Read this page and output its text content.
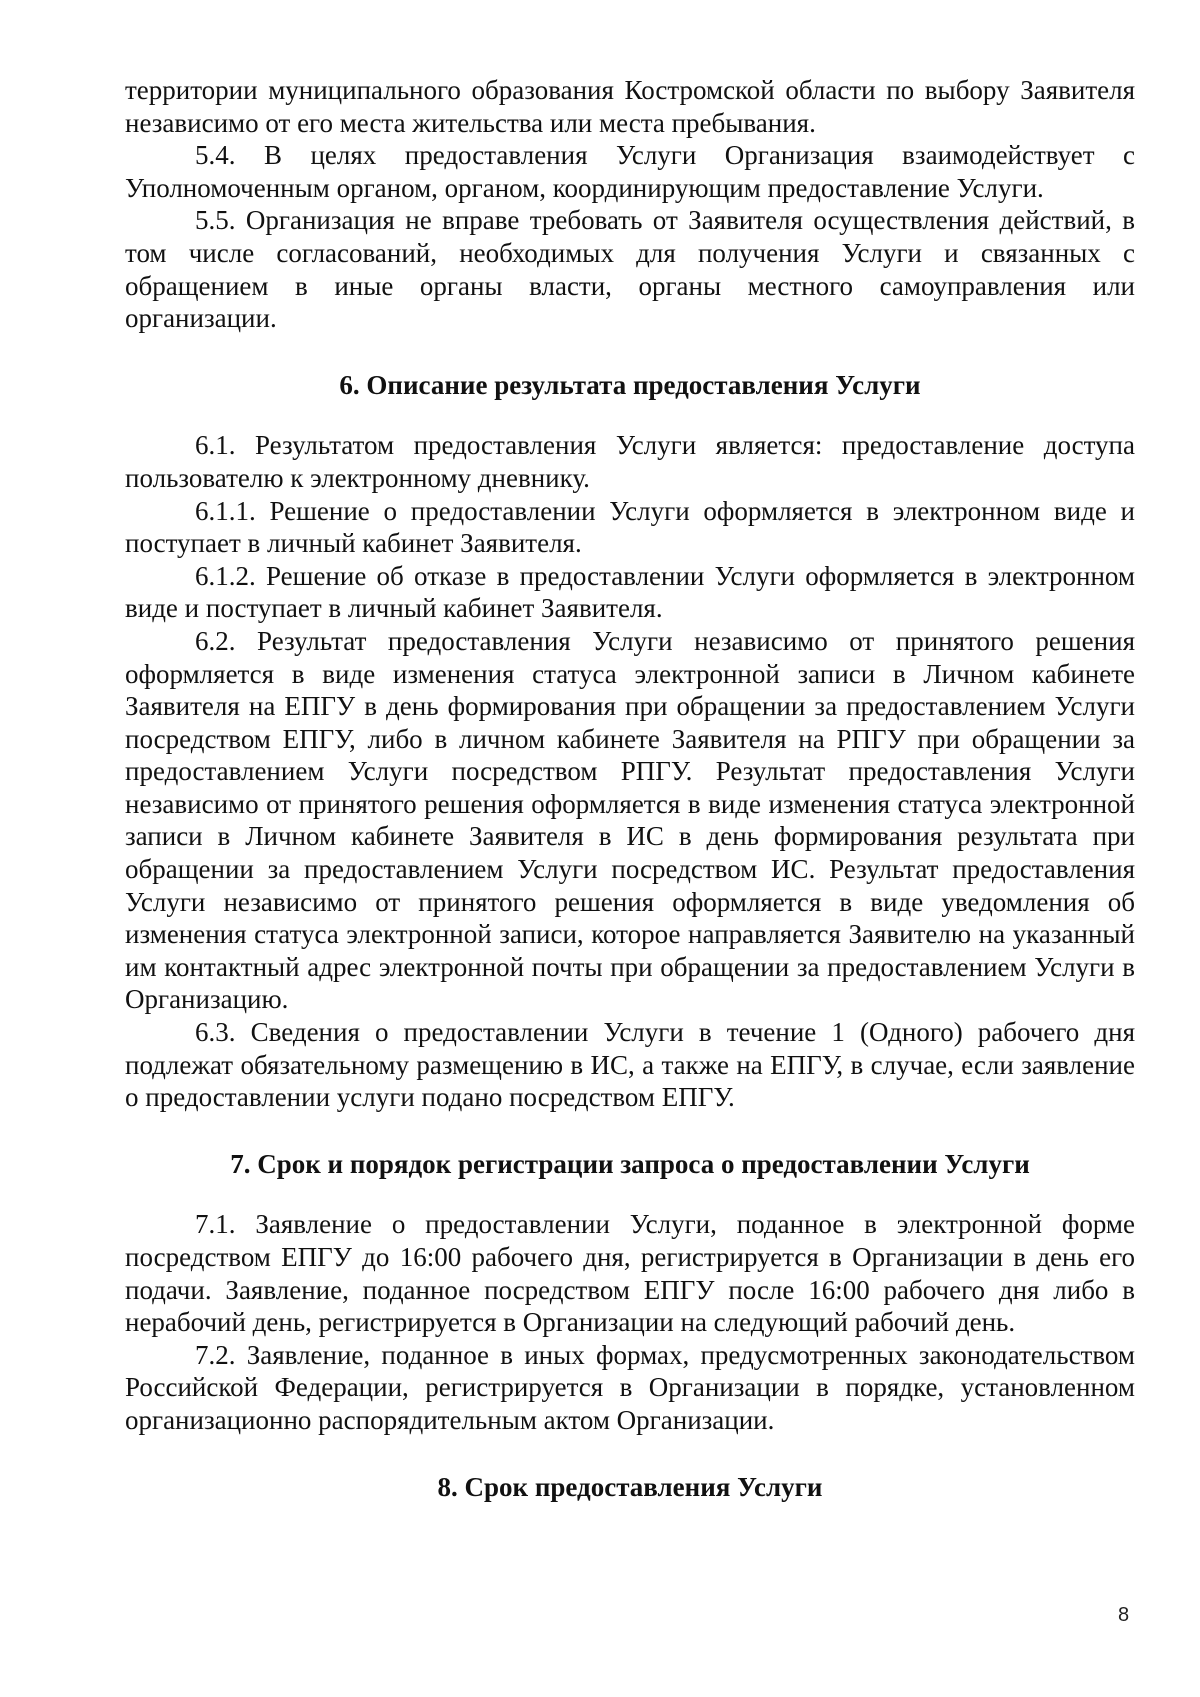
территории муниципального образования Костромской области по выбору Заявителя независимо от его места жительства или места пребывания.

5.4. В целях предоставления Услуги Организация взаимодействует с Уполномоченным органом, органом, координирующим предоставление Услуги.

5.5. Организация не вправе требовать от Заявителя осуществления действий, в том числе согласований, необходимых для получения Услуги и связанных с обращением в иные органы власти, органы местного самоуправления или организации.

6. Описание результата предоставления Услуги

6.1. Результатом предоставления Услуги является: предоставление доступа пользователю к электронному дневнику.

6.1.1. Решение о предоставлении Услуги оформляется в электронном виде и поступает в личный кабинет Заявителя.

6.1.2. Решение об отказе в предоставлении Услуги оформляется в электронном виде и поступает в личный кабинет Заявителя.

6.2. Результат предоставления Услуги независимо от принятого решения оформляется в виде изменения статуса электронной записи в Личном кабинете Заявителя на ЕПГУ в день формирования при обращении за предоставлением Услуги посредством ЕПГУ, либо в личном кабинете Заявителя на РПГУ при обращении за предоставлением Услуги посредством РПГУ. Результат предоставления Услуги независимо от принятого решения оформляется в виде изменения статуса электронной записи в Личном кабинете Заявителя в ИС в день формирования результата при обращении за предоставлением Услуги посредством ИС. Результат предоставления Услуги независимо от принятого решения оформляется в виде уведомления об изменения статуса электронной записи, которое направляется Заявителю на указанный им контактный адрес электронной почты при обращении за предоставлением Услуги в Организацию.

6.3. Сведения о предоставлении Услуги в течение 1 (Одного) рабочего дня подлежат обязательному размещению в ИС, а также на ЕПГУ, в случае, если заявление о предоставлении услуги подано посредством ЕПГУ.

7. Срок и порядок регистрации запроса о предоставлении Услуги

7.1. Заявление о предоставлении Услуги, поданное в электронной форме посредством ЕПГУ до 16:00 рабочего дня, регистрируется в Организации в день его подачи. Заявление, поданное посредством ЕПГУ после 16:00 рабочего дня либо в нерабочий день, регистрируется в Организации на следующий рабочий день.

7.2. Заявление, поданное в иных формах, предусмотренных законодательством Российской Федерации, регистрируется в Организации в порядке, установленном организационно распорядительным актом Организации.

8. Срок предоставления Услуги

8
